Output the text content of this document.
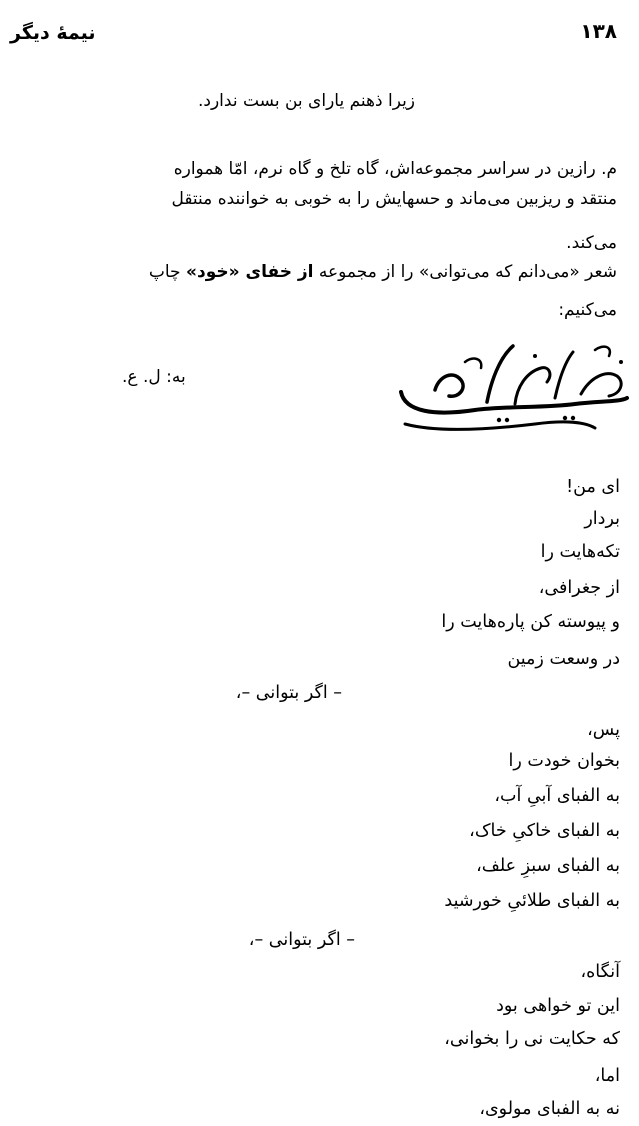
نیمهٔ دیگر	۱۳۸
زیرا ذهنم یارای بن بست ندارد.
م. رازین در سراسر مجموعه‌اش، گاه تلخ و گاه نرم، امّا همواره
منتقد و ریزبین می‌ماند و حسهایش را به خوبی به خواننده منتقل
می‌کند.
شعر «می‌دانم که می‌توانی» را از مجموعه از خفای «خود» چاپ
می‌کنیم:
به: ل. ع.
ای من!
بردار
تکه‌هایت را
از جغرافی،
و پیوسته کن پاره‌هایت را
در وسعت زمین
– اگر بتوانی –،
پس،
بخوان خودت را
به الفبای آبیِ آب،
به الفبای خاکیِ خاک،
به الفبای سبزِ علف،
به الفبای طلائیِ خورشید
– اگر بتوانی –،
آنگاه،
این تو خواهی بود
که حکایت نی را بخوانی،
اما،
نه به الفبای مولوی،
